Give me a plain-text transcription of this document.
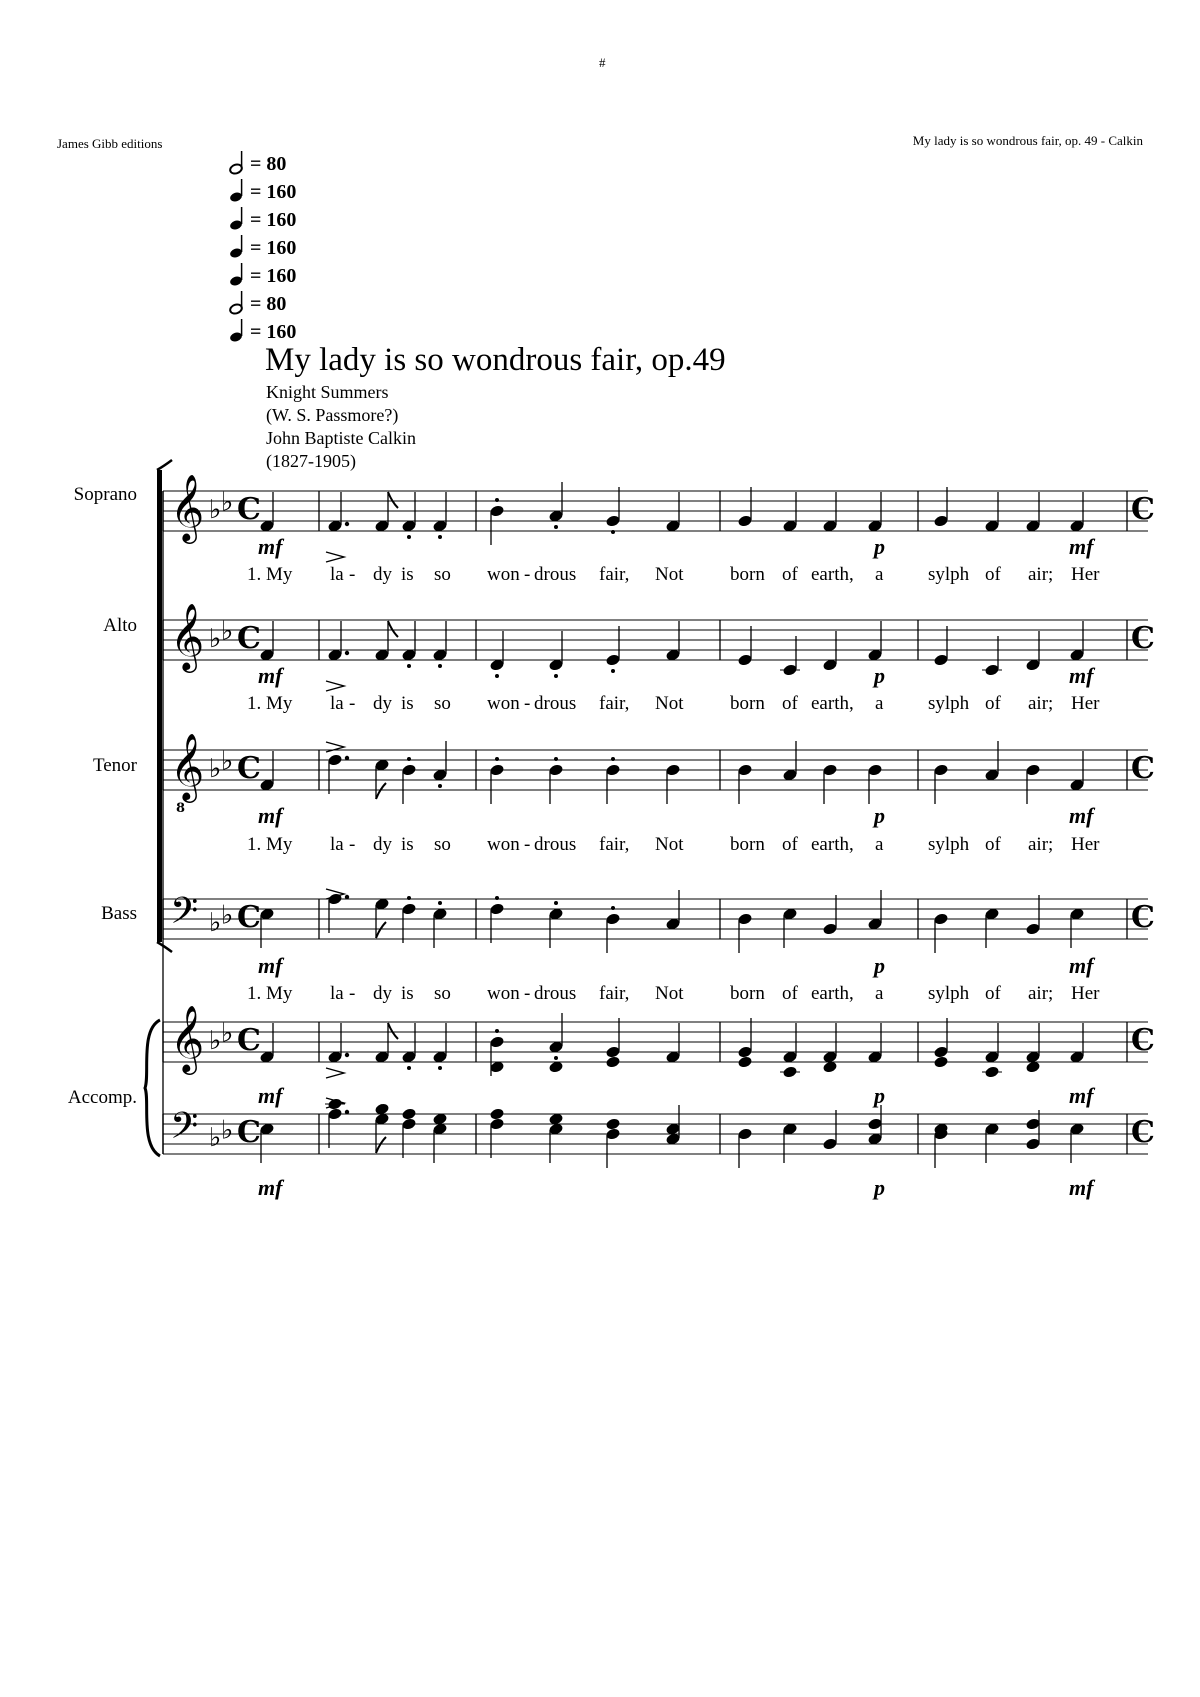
#
James Gibb editions	My lady is so wondrous fair, op. 49 - Calkin
= 80
= 160
= 160
= 160
= 160
= 80
= 160
My lady is so wondrous fair, op.49
Knight Summers
(W. S. Passmore?)
John Baptiste Calkin
(1827-1905)
Soprano
Alto
Tenor
Bass
Accomp.
𝄞 ♭ ♭ C	C
𝄞 ♭ ♭ C	C
𝄞 ♭ ♭ C	C
𝄢 ♭ ♭ C	C
𝄞 ♭ ♭ C	C
𝄢 ♭ ♭ C	C
8
1. My la - dy is so won - drous fair, Not born of earth, a sylph of air; Her
1. My la - dy is so won - drous fair, Not born of earth, a sylph of air; Her
1. My la - dy is so won - drous fair, Not born of earth, a sylph of air; Her
1. My la - dy is so won - drous fair, Not born of earth, a sylph of air; Her
mf	p	mf
mf	p	mf
mf	p	mf
mf	p	mf
mf	p	mf
mf	p	mf
